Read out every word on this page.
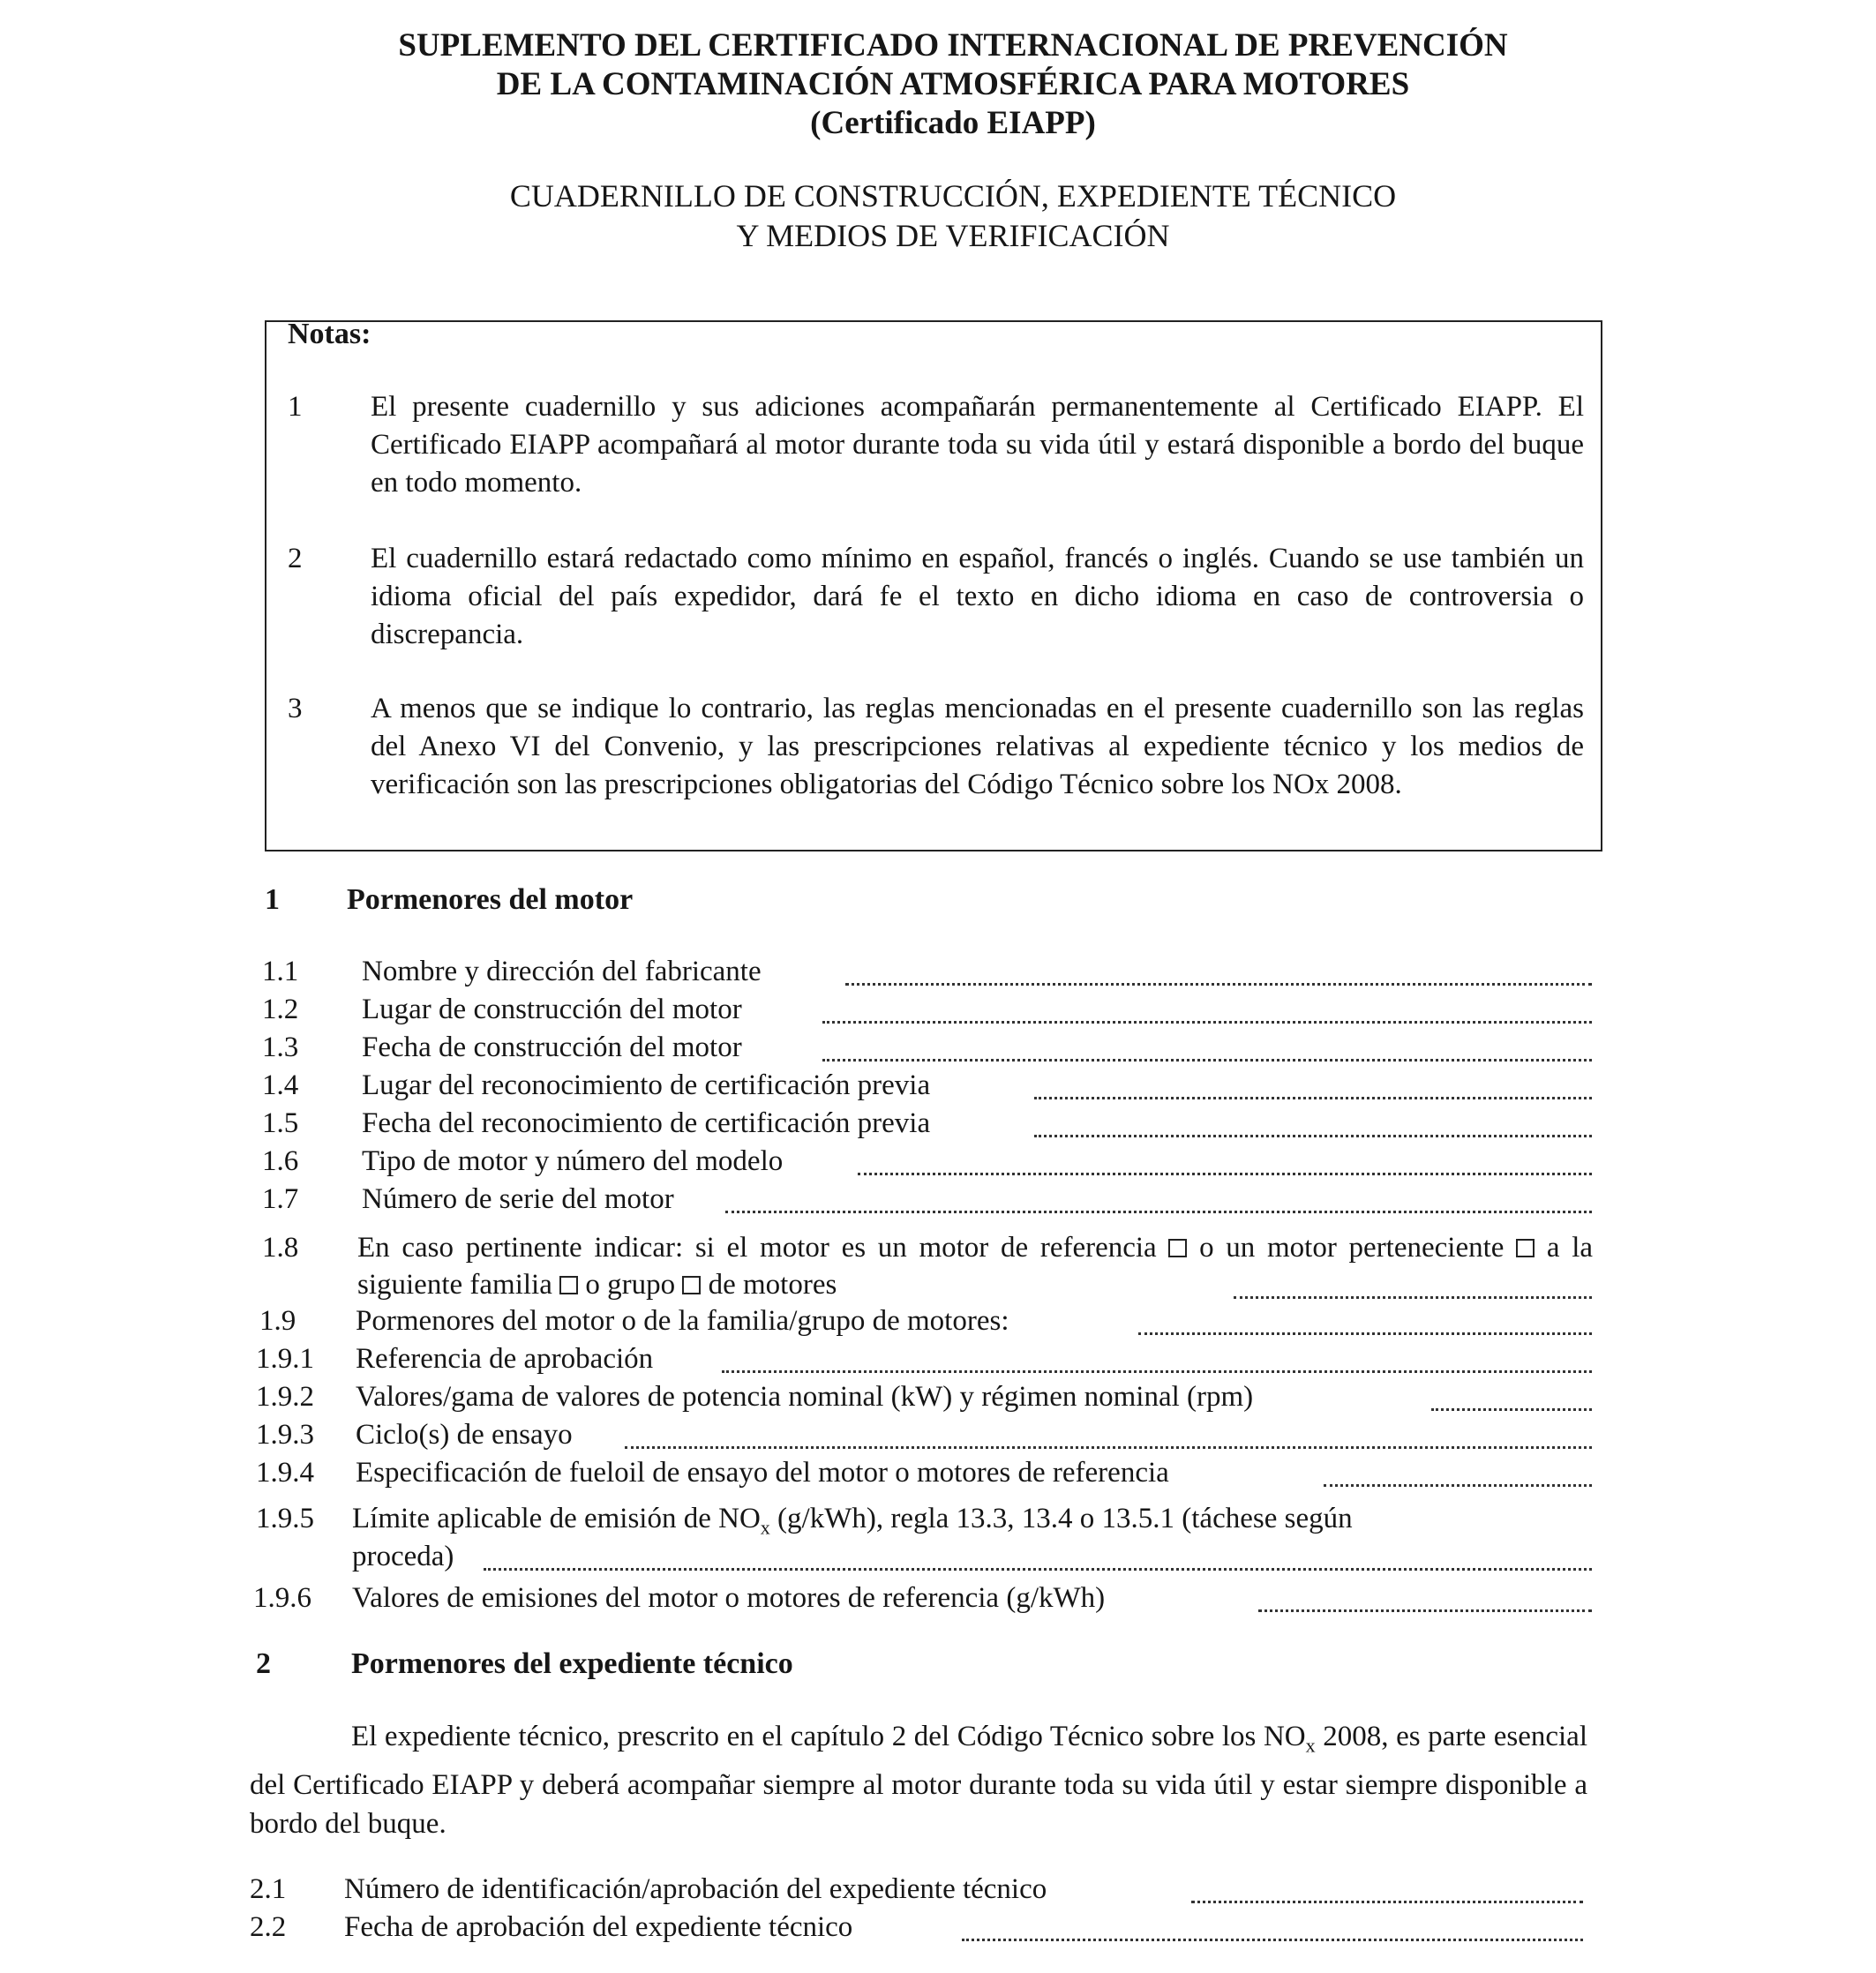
SUPLEMENTO DEL CERTIFICADO INTERNACIONAL DE PREVENCIÓN
DE LA CONTAMINACIÓN ATMOSFÉRICA PARA MOTORES
(Certificado EIAPP)
CUADERNILLO DE CONSTRUCCIÓN, EXPEDIENTE TÉCNICO
Y MEDIOS DE VERIFICACIÓN
Notas:
1 El presente cuadernillo y sus adiciones acompañarán permanentemente al Certificado EIAPP. El Certificado EIAPP acompañará al motor durante toda su vida útil y estará disponible a bordo del buque en todo momento.
2 El cuadernillo estará redactado como mínimo en español, francés o inglés. Cuando se use también un idioma oficial del país expedidor, dará fe el texto en dicho idioma en caso de controversia o discrepancia.
3 A menos que se indique lo contrario, las reglas mencionadas en el presente cuadernillo son las reglas del Anexo VI del Convenio, y las prescripciones relativas al expediente técnico y los medios de verificación son las prescripciones obligatorias del Código Técnico sobre los NOx 2008.
1 Pormenores del motor
1.1 Nombre y dirección del fabricante
1.2 Lugar de construcción del motor
1.3 Fecha de construcción del motor
1.4 Lugar del reconocimiento de certificación previa
1.5 Fecha del reconocimiento de certificación previa
1.6 Tipo de motor y número del modelo
1.7 Número de serie del motor
1.8 En caso pertinente indicar: si el motor es un motor de referencia o un motor perteneciente a la siguiente familia o grupo de motores
1.9 Pormenores del motor o de la familia/grupo de motores:
1.9.1 Referencia de aprobación
1.9.2 Valores/gama de valores de potencia nominal (kW) y régimen nominal (rpm)
1.9.3 Ciclo(s) de ensayo
1.9.4 Especificación de fueloil de ensayo del motor o motores de referencia
1.9.5 Límite aplicable de emisión de $NO_x$ (g/kWh), regla 13.3, 13.4 o 13.5.1 (táchese según
proceda)
1.9.6 Valores de emisiones del motor o motores de referencia (g/kWh)
2	Pormenores del expediente técnico
El expediente técnico, prescrito en el capítulo 2 del Código Técnico sobre los $NO_x$ 2008, es parte esencial del Certificado EIAPP y deberá acompañar siempre al motor durante toda su vida útil y estar siempre disponible a bordo del buque.
2.1 Número de identificación/aprobación del expediente técnico
2.2 Fecha de aprobación del expediente técnico
